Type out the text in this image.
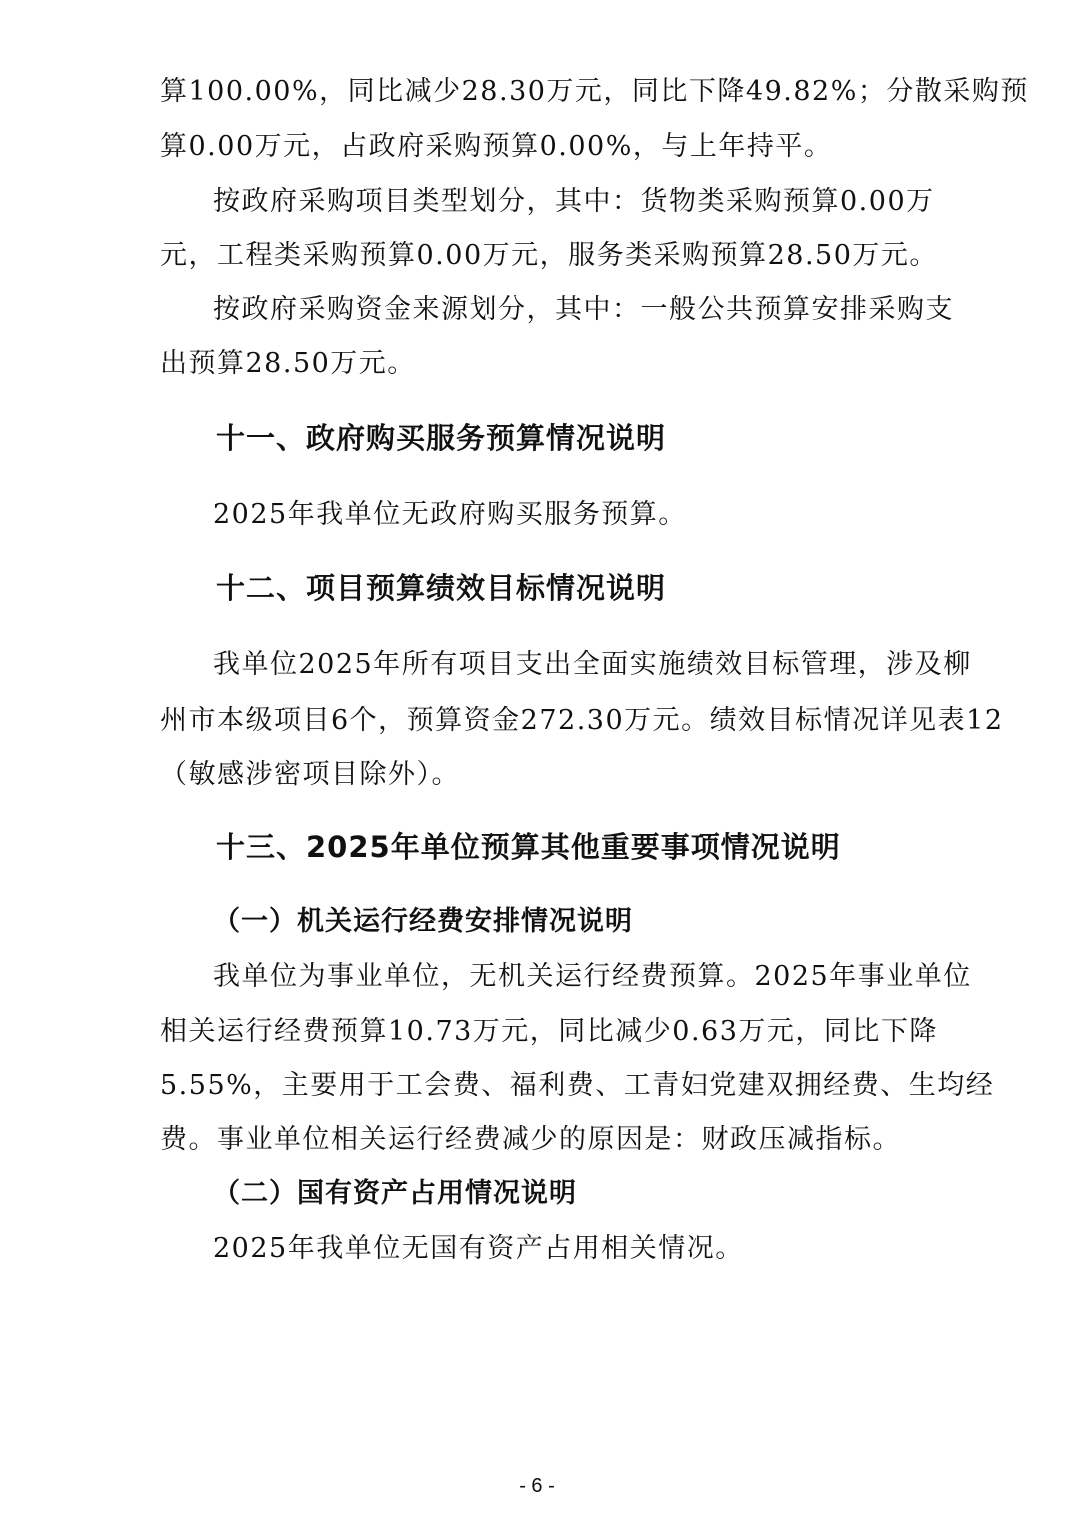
算100.00%，同比减少28.30万元，同比下降49.82%；分散采购预
算0.00万元，占政府采购预算0.00%，与上年持平。
按政府采购项目类型划分，其中：货物类采购预算0.00万
元，工程类采购预算0.00万元，服务类采购预算28.50万元。
按政府采购资金来源划分，其中：一般公共预算安排采购支
出预算28.50万元。
十一、政府购买服务预算情况说明
2025年我单位无政府购买服务预算。
十二、项目预算绩效目标情况说明
我单位2025年所有项目支出全面实施绩效目标管理，涉及柳
州市本级项目6个，预算资金272.30万元。绩效目标情况详见表12
（敏感涉密项目除外）。
十三、2025年单位预算其他重要事项情况说明
（一）机关运行经费安排情况说明
我单位为事业单位，无机关运行经费预算。2025年事业单位
相关运行经费预算10.73万元，同比减少0.63万元，同比下降
5.55%，主要用于工会费、福利费、工青妇党建双拥经费、生均经
费。事业单位相关运行经费减少的原因是：财政压减指标。
（二）国有资产占用情况说明
2025年我单位无国有资产占用相关情况。
- 6 -
